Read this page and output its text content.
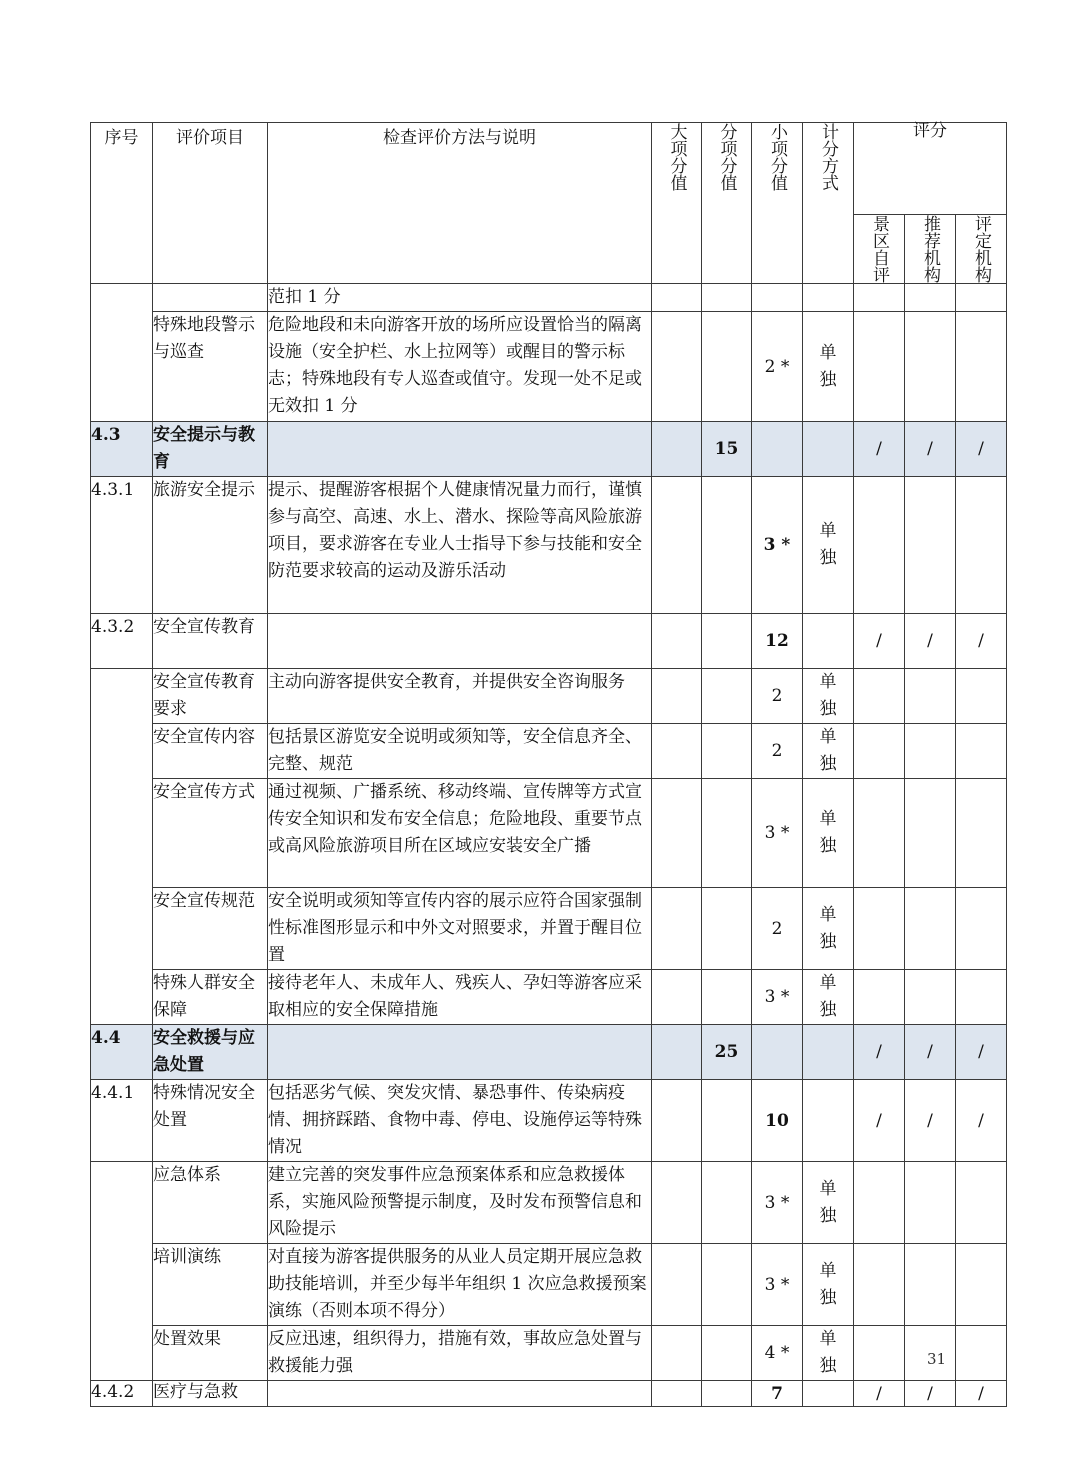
序号	评价项目	检查评价方法与说明	大项分值	分项分值	小项分值	计分方式	评分		

							景区自评	推荐机构	评定机构

		范扣 1 分							
	特殊地段警示与巡查	危险地段和未向游客开放的场所应设置恰当的隔离设施（安全护栏、水上拉网等）或醒目的警示标志；特殊地段有专人巡查或值守。发现一处不足或无效扣 1 分			2 *	单独			

4.3	安全提示与教育			15			/	/	/
4.3.1	旅游安全提示	提示、提醒游客根据个人健康情况量力而行，谨慎参与高空、高速、水上、潜水、探险等高风险旅游项目，要求游客在专业人士指导下参与技能和安全防范要求较高的运动及游乐活动			3 *	单独			

4.3.2	安全宣传教育				12		/	/	/
	安全宣传教育要求	主动向游客提供安全教育，并提供安全咨询服务			2	单独			

	安全宣传内容	包括景区游览安全说明或须知等，安全信息齐全、完整、规范			2	单独			

	安全宣传方式	通过视频、广播系统、移动终端、宣传牌等方式宣传安全知识和发布安全信息；危险地段、重要节点或高风险旅游项目所在区域应安装安全广播			3 *	单独			

	安全宣传规范	安全说明或须知等宣传内容的展示应符合国家强制性标准图形显示和中外文对照要求，并置于醒目位置			2	单独			

	特殊人群安全保障	接待老年人、未成年人、残疾人、孕妇等游客应采取相应的安全保障措施			3 *	单独			

4.4	安全救援与应急处置			25			/	/	/
4.4.1	特殊情况安全处置	包括恶劣气候、突发灾情、暴恐事件、传染病疫情、拥挤踩踏、食物中毒、停电、设施停运等特殊情况			10		/	/	/
	应急体系	建立完善的突发事件应急预案体系和应急救援体系，实施风险预警提示制度，及时发布预警信息和风险提示			3 *	单独			

	培训演练	对直接为游客提供服务的从业人员定期开展应急救助技能培训，并至少每半年组织 1 次应急救援预案演练（否则本项不得分）			3 *	单独			

	处置效果	反应迅速，组织得力，措施有效，事故应急处置与救援能力强			4 *	单独			

4.4.2	医疗与急救				7		/	/	/
31
